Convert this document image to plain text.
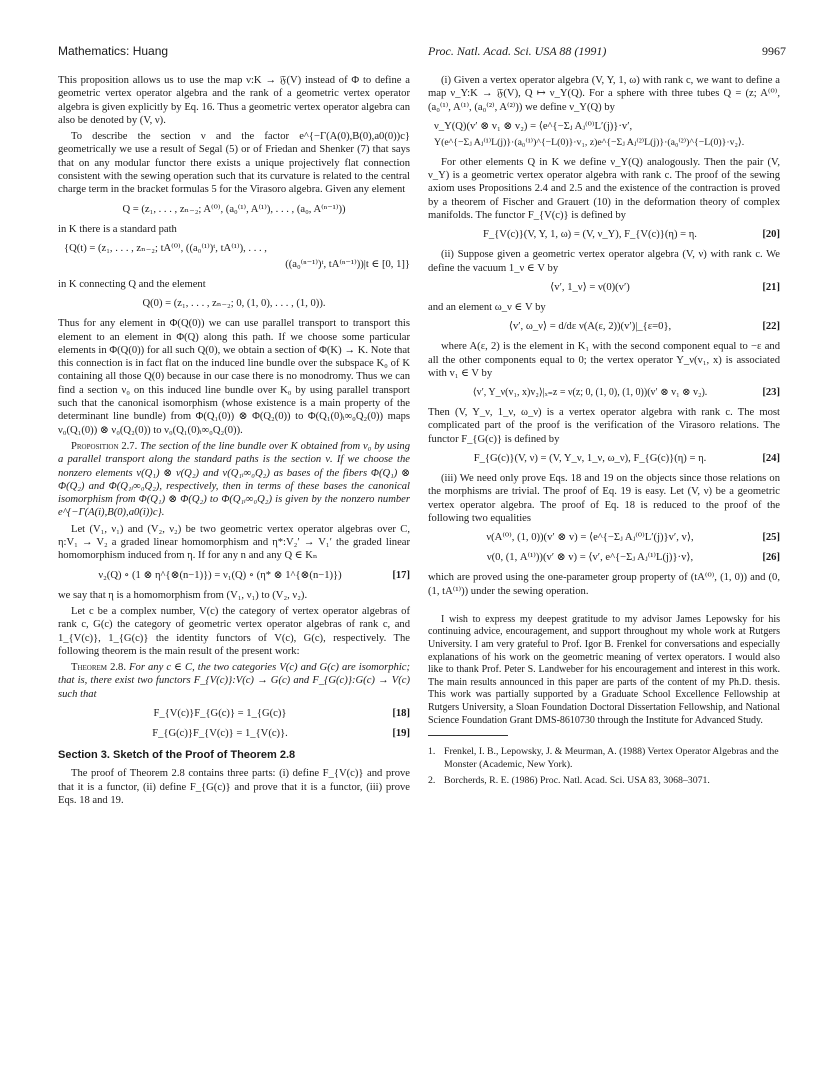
Mathematics: Huang	Proc. Natl. Acad. Sci. USA 88 (1991)	9967

This proposition allows us to use the map ν:K → 𝔉(V) instead of Φ to define a geometric vertex operator algebra and the rank of a geometric vertex operator algebra is given explicitly by Eq. 16. Thus a geometric vertex operator algebra can also be denoted by (V, ν).

To describe the section ν and the factor e^{−Γ(A(0),B(0),a0(0))c} geometrically we use a result of Segal (5) or of Friedan and Shenker (7) that says that on any modular functor there exists a unique projectively flat connection consistent with the sewing operation such that its curvature is related to the central charge term in the bracket formulas 5 for the Virasoro algebra. Given any element

Q = (z₁, . . . , zₙ₋₂; A⁽⁰⁾, (a₀⁽¹⁾, A⁽¹⁾), . . . , (a₀, A⁽ⁿ⁻¹⁾))

in K there is a standard path

{Q(t) = (z₁, . . . , zₙ₋₂; tA⁽⁰⁾, ((a₀⁽¹⁾)ᵗ, tA⁽¹⁾), . . . ,
((a₀⁽ⁿ⁻¹⁾)ᵗ, tA⁽ⁿ⁻¹⁾))|t ∈ [0, 1]}

in K connecting Q and the element

Q(0) = (z₁, . . . , zₙ₋₂; 0, (1, 0), . . . , (1, 0)).

Thus for any element in Φ(Q(0)) we can use parallel transport to transport this element to an element in Φ(Q) along this path. If we choose some particular elements in Φ(Q(0)) for all such Q(0), we obtain a section of Φ(K) → K. Note that this connection is in fact flat on the induced line bundle over the subspace K₀ of K containing all those Q(0) because in our case there is no monodromy. Thus we can find a section ν₀ on this induced line bundle over K₀ by using parallel transport such that the canonical isomorphism (whose existence is a main property of the determinant line bundle) from Φ(Q₁(0)) ⊗ Φ(Q₂(0)) to Φ(Q₁(0)ᵢ∞₀Q₂(0)) maps ν₀(Q₁(0)) ⊗ ν₀(Q₂(0)) to ν₀(Q₁(0)ᵢ∞₀Q₂(0)).

Proposition 2.7. The section of the line bundle over K obtained from ν₀ by using a parallel transport along the standard paths is the section ν. If we choose the nonzero elements ν(Q₁) ⊗ ν(Q₂) and ν(Q₁ᵢ∞₀Q₂) as bases of the fibers Φ(Q₁) ⊗ Φ(Q₂) and Φ(Q₁ᵢ∞₀Q₂), respectively, then in terms of these bases the canonical isomorphism from Φ(Q₁) ⊗ Φ(Q₂) to Φ(Q₁ᵢ∞₀Q₂) is given by the nonzero number e^{−Γ(A(i),B(0),a0(i))c}.

Let (V₁, ν₁) and (V₂, ν₂) be two geometric vertex operator algebras over C, η:V₁ → V₂ a graded linear homomorphism and η*:V₂′ → V₁′ the graded linear homomorphism induced from η. If for any n and any Q ∈ Kₙ

ν₂(Q) ∘ (1 ⊗ η^{⊗(n−1)}) = ν₁(Q) ∘ (η* ⊗ 1^{⊗(n−1)})	[17]

we say that η is a homomorphism from (V₁, ν₁) to (V₂, ν₂).

Let c be a complex number, V(c) the category of vertex operator algebras of rank c, G(c) the category of geometric vertex operator algebras of rank c, and 1_{V(c)}, 1_{G(c)} the identity functors of V(c), G(c), respectively. The following theorem is the main result of the present work:

Theorem 2.8. For any c ∈ C, the two categories V(c) and G(c) are isomorphic; that is, there exist two functors F_{V(c)}:V(c) → G(c) and F_{G(c)}:G(c) → V(c) such that

F_{V(c)}F_{G(c)} = 1_{G(c)}	[18]
F_{G(c)}F_{V(c)} = 1_{V(c)}.	[19]
Section 3. Sketch of the Proof of Theorem 2.8

The proof of Theorem 2.8 contains three parts: (i) define F_{V(c)} and prove that it is a functor, (ii) define F_{G(c)} and prove that it is a functor, (iii) prove Eqs. 18 and 19.

(i) Given a vertex operator algebra (V, Y, 1, ω) with rank c, we want to define a map ν_Y:K → 𝔉(V), Q ↦ ν_Y(Q). For a sphere with three tubes Q = (z; A⁽⁰⁾, (a₀⁽¹⁾, A⁽¹⁾, (a₀⁽²⁾, A⁽²⁾)) we define ν_Y(Q) by

ν_Y(Q)(v′ ⊗ v₁ ⊗ v₂) = ⟨e^{−Σⱼ Aⱼ⁽⁰⁾L′(j)}·v′,
Y(e^{−Σⱼ Aⱼ⁽¹⁾L(j)}·(a₀⁽¹⁾)^{−L(0)}·v₁, z)e^{−Σⱼ Aⱼ⁽²⁾L(j)}·(a₀⁽²⁾)^{−L(0)}·v₂⟩.

For other elements Q in K we define ν_Y(Q) analogously. Then the pair (V, ν_Y) is a geometric vertex operator algebra with rank c. The proof of the sewing axiom uses Propositions 2.4 and 2.5 and the existence of the contraction is proved by a theorem of Fischer and Grauert (10) in the deformation theory of complex manifolds. The functor F_{V(c)} is defined by

F_{V(c)}(V, Y, 1, ω) = (V, ν_Y), F_{V(c)}(η) = η.	[20]

(ii) Suppose given a geometric vertex operator algebra (V, ν) with rank c. We define the vacuum 1_ν ∈ V by

⟨v′, 1_ν⟩ = ν(0)(v′)	[21]

and an element ω_ν ∈ V by

⟨v′, ω_ν⟩ = d/dε ν(A(ε, 2))(v′)|_{ε=0},	[22]

where A(ε, 2) is the element in K₁ with the second component equal to −ε and all the other components equal to 0; the vertex operator Y_ν(v₁, x) is associated with v₁ ∈ V by

⟨v′, Y_ν(v₁, x)v₂⟩|ₓ₌z = ν(z; 0, (1, 0), (1, 0))(v′ ⊗ v₁ ⊗ v₂).	[23]

Then (V, Y_ν, 1_ν, ω_ν) is a vertex operator algebra with rank c. The most complicated part of the proof is the verification of the Virasoro relations. The functor F_{G(c)} is defined by

F_{G(c)}(V, ν) = (V, Y_ν, 1_ν, ω_ν), F_{G(c)}(η) = η.	[24]

(iii) We need only prove Eqs. 18 and 19 on the objects since those relations on the morphisms are trivial. The proof of Eq. 19 is easy. Let (V, ν) be a geometric vertex operator algebra. The proof of Eq. 18 is reduced to the proof of the following two equalities

ν(A⁽⁰⁾, (1, 0))(v′ ⊗ v) = ⟨e^{−Σⱼ Aⱼ⁽⁰⁾L′(j)}v′, v⟩,	[25]
ν(0, (1, A⁽¹⁾))(v′ ⊗ v) = ⟨v′, e^{−Σⱼ Aⱼ⁽¹⁾L(j)}·v⟩,	[26]

which are proved using the one-parameter group property of (tA⁽⁰⁾, (1, 0)) and (0, (1, tA⁽¹⁾)) under the sewing operation.

I wish to express my deepest gratitude to my advisor James Lepowsky for his continuing advice, encouragement, and support throughout my whole work at Rutgers University. I am very grateful to Prof. Igor B. Frenkel for conversations and especially explanations of his work on the geometric meaning of vertex operators. I would also like to thank Prof. Peter S. Landweber for his encouragement and interest in this work. The main results announced in this paper are parts of the content of my Ph.D. thesis. This work was partially supported by a Graduate School Excellence Fellowship at Rutgers University, a Sloan Foundation Doctoral Dissertation Fellowship, and National Science Foundation Grant DMS-8610730 through the Institute for Advanced Study.

1. Frenkel, I. B., Lepowsky, J. & Meurman, A. (1988) Vertex Operator Algebras and the Monster (Academic, New York).
2. Borcherds, R. E. (1986) Proc. Natl. Acad. Sci. USA 83, 3068–3071.
